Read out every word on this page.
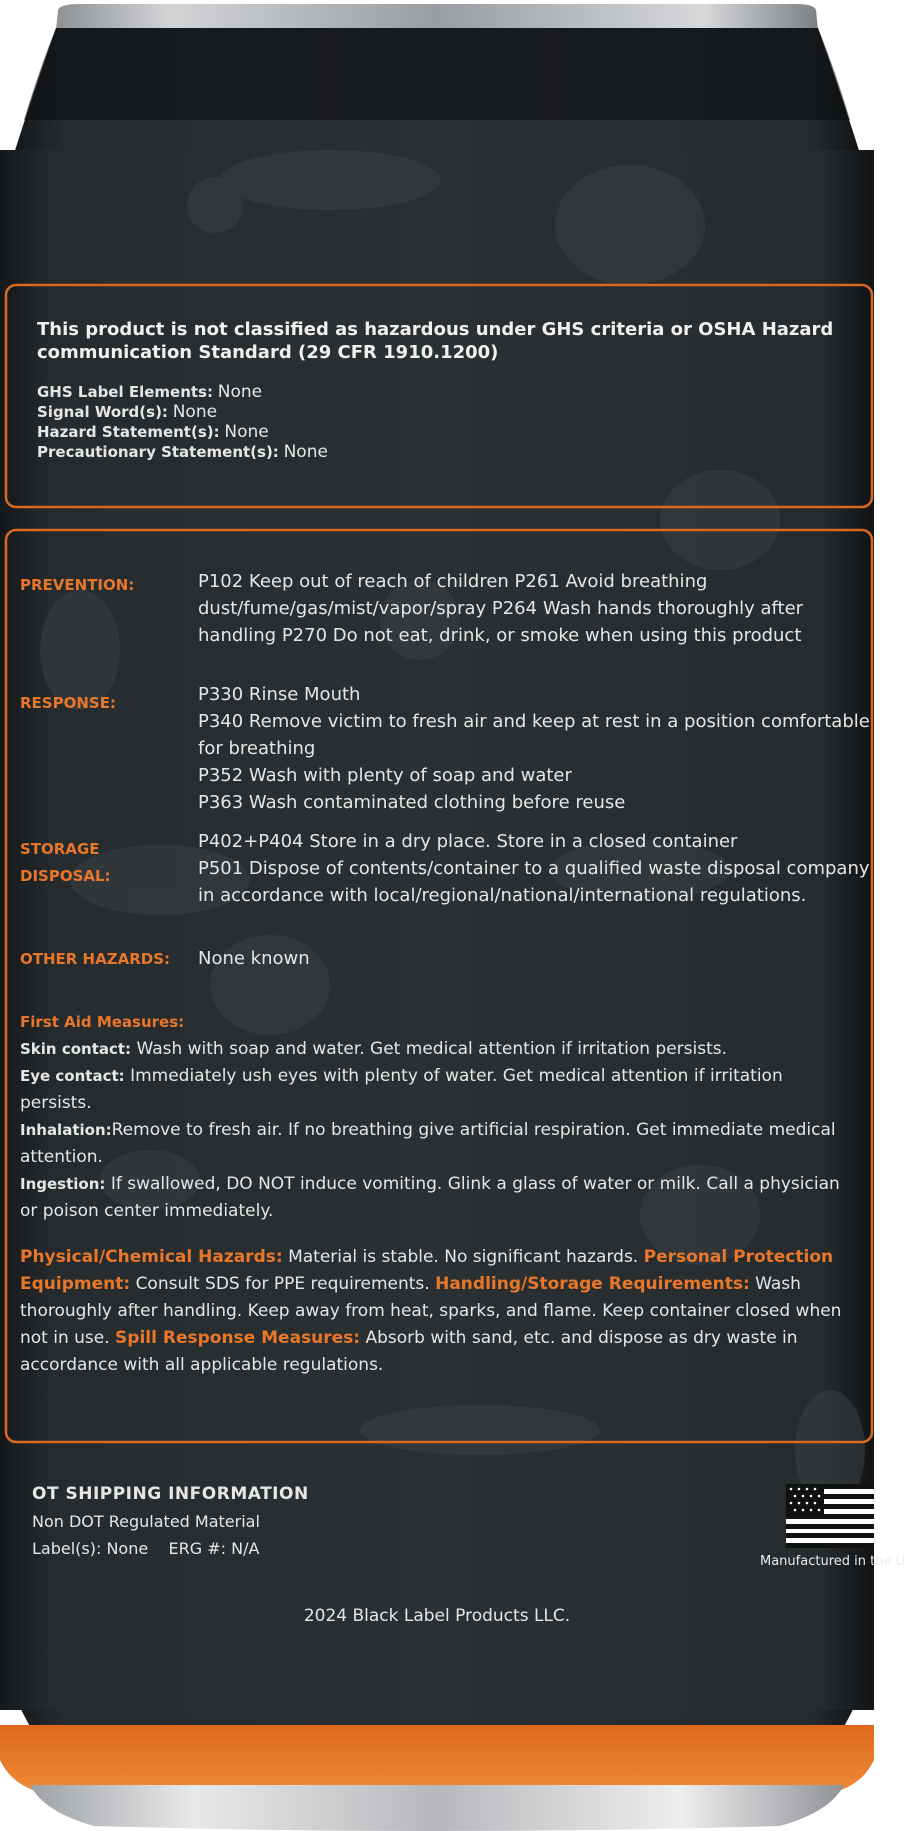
This product is not classified as hazardous under GHS criteria or OSHA Hazard communication Standard (29 CFR 1910.1200)

GHS Label Elements: None
Signal Word(s): None
Hazard Statement(s): None
Precautionary Statement(s): None
PREVENTION:	P102 Keep out of reach of children P261 Avoid breathing dust/fume/gas/mist/vapor/spray P264 Wash hands thoroughly after handling P270 Do not eat, drink, or smoke when using this product
RESPONSE:	P330 Rinse Mouth
P340 Remove victim to fresh air and keep at rest in a position comfortable for breathing
P352 Wash with plenty of soap and water
P363 Wash contaminated clothing before reuse
STORAGE
DISPOSAL:
P402+P404 Store in a dry place. Store in a closed container
P501 Dispose of contents/container to a qualified waste disposal company in accordance with local/regional/national/international regulations.
OTHER HAZARDS: None known
First Aid Measures:
Skin contact: Wash with soap and water. Get medical attention if irritation persists.
Eye contact: Immediately ush eyes with plenty of water. Get medical attention if irritation persists.
Inhalation:Remove to fresh air. If no breathing give artificial respiration. Get immediate medical attention.
Ingestion: If swallowed, DO NOT induce vomiting. Glink a glass of water or milk. Call a physician or poison center immediately.
Physical/Chemical Hazards: Material is stable. No significant hazards. Personal Protection Equipment: Consult SDS for PPE requirements. Handling/Storage Requirements: Wash thoroughly after handling. Keep away from heat, sparks, and flame. Keep container closed when not in use. Spill Response Measures: Absorb with sand, etc. and dispose as dry waste in accordance with all applicable regulations.
OT SHIPPING INFORMATION
Non DOT Regulated Material
Label(s): None ERG #: N/A
Manufactured in the U
2024 Black Label Products LLC.
